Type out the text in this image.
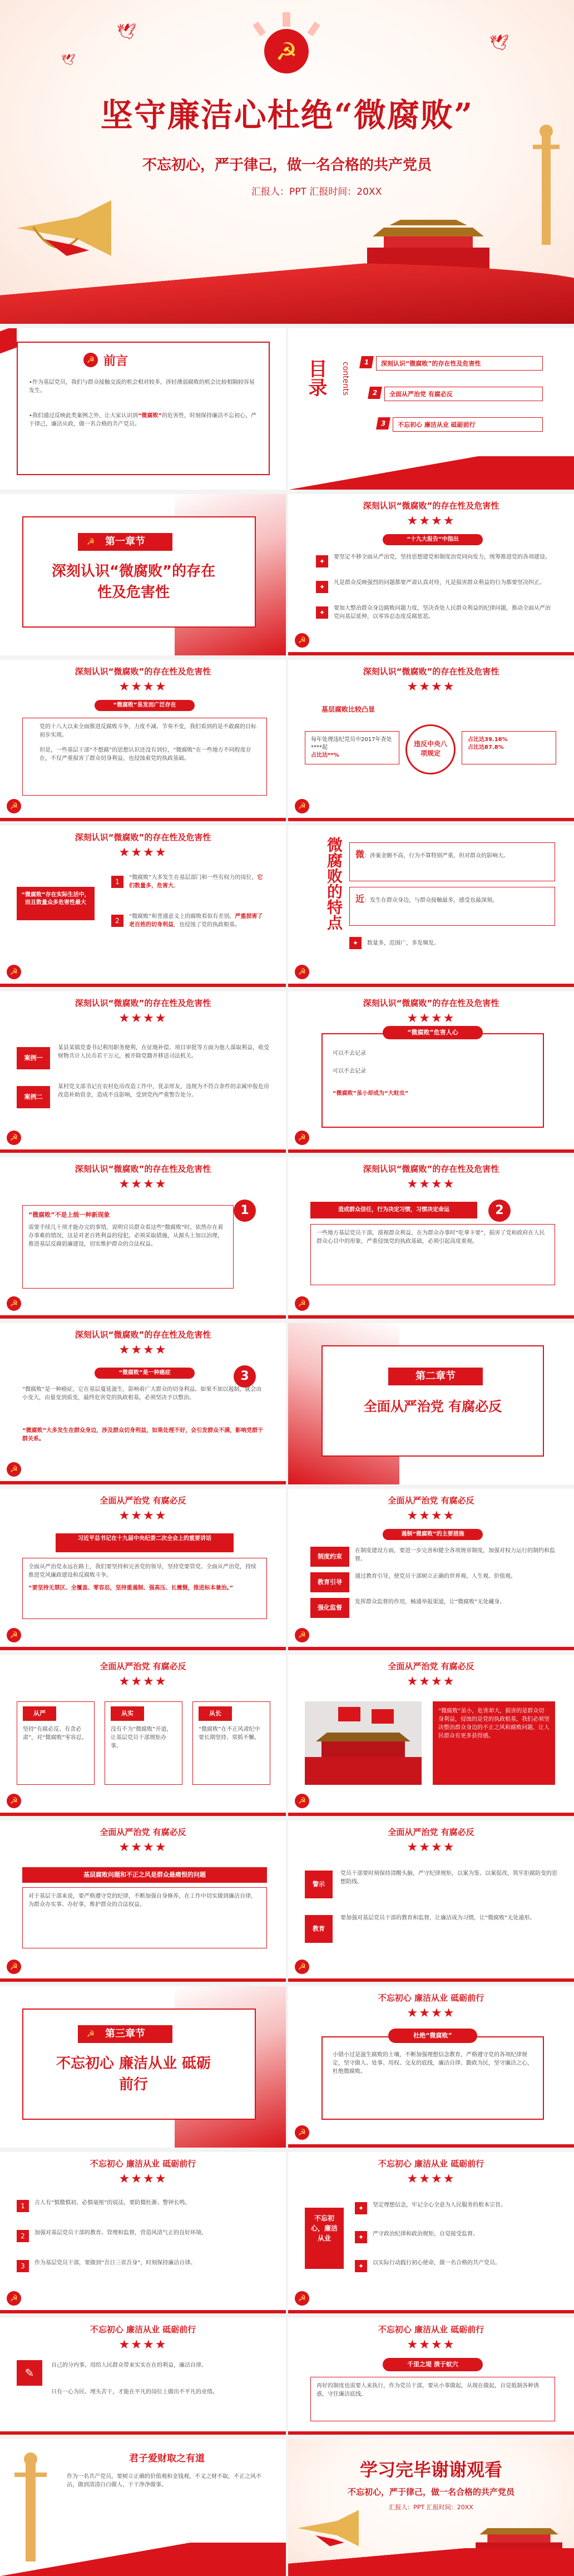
🕊
🕊
🕊	☭
坚守廉洁心杜绝“微腐败”
不忘初心，严于律己，做一名合格的共产党员
汇报人：PPT 汇报时间：20XX
☭
前言
•作为基层党员，我们与群众接触交流的机会相对较多，涉轻薄弱腐败的机会比较相隔较容易发生。
•我们通过反映此类案例之外，让大家认识到“微腐败”的危害性，时刻保持廉洁不忘初心，严于律己，廉洁从政，做一名合格的共产党员。
目录	contents	1	深刻认识“微腐败”的存在性及危害性
2	全面从严治党 有腐必反
3	不忘初心 廉洁从业 砥砺前行
第一章节
☭
深刻认识“微腐败”的存在性及危害性
深刻认识“微腐败”的存在性及危害性
★★★★
☭
“十九大报告”中指出
✦
要坚定不移全面从严治党，坚持思想建党和制度治党同向发力，统筹推进党的各项建设。
✦
凡是群众反映强烈的问题都要严肃认真对待，凡是损害群众利益的行为都要坚决纠正。
✦
要加大整治群众身边腐败问题力度，坚决查处人民群众利益的纪律问题，推动全面从严治党向基层延伸，以零容忍态度反腐惩恶。
深刻认识“微腐败”的存在性及危害性
★★★★
“微腐败”易发而广泛存在
党的十八大以来全面推进反腐败斗争，力度不减、节奏不变，我们看到的是不敢腐的目标初步实现。
但是，一些基层干部“不想腐”的思想认识还没有到位，“微腐败”在一些地方不同程度存在，不仅严重损害了群众切身利益，也侵蚀着党的执政基础。
☭
深刻认识“微腐败”的存在性及危害性
★★★★
基层腐败比较凸显
违反中央八项规定
每年处理违纪党员中2017年查处****起
占比达**%
占比达39.16%
占比达87.8%
☭
深刻认识“微腐败”的存在性及危害性
★★★★
“微腐败”存在实际生活中，而且数量众多危害性最大
1
“微腐败”大多发生在基层部门和一些有权力的岗位，它们数量多，危害大。
2
“微腐败”和普通意义上的腐败看似有差别，严重损害了老百姓的切身利益，也侵蚀了党的执政根基。
☭	微腐败的特点	微：涉案金额不高，行为不算特别严重，但对群众的影响大。
近：发生在群众身边，与群众接触最多，感受也最深刻。
✦	数量多，范围广，多发频发。
☭
深刻认识“微腐败”的存在性及危害性
★★★★
案例一
某县某镇党委书记利用职务便利，在征地补偿、项目审批等方面为他人谋取利益，收受财物共计人民币若干万元，被开除党籍并移送司法机关。
案例二
某村党支部书记在农村危房改造工作中，优亲厚友，违规为不符合条件的亲属申报危房改造补助资金，造成不良影响，受到党内严重警告处分。
☭
深刻认识“微腐败”的存在性及危害性
★★★★
“微腐败”危害人心
可以不去记录
可以不去记录
“微腐败”虽小却成为“大蛀虫”
☭
深刻认识“微腐败”的存在性及危害性
★★★★
1
“微腐败”不是上级一种新现象
需要手续几十项才能办完的事情，说明官员群众看这些“微腐败”时，依然存在着办事难的情况，这是对老百姓利益的侵犯，必须采取措施，从源头上加以治理，推进基层反腐倡廉建设，切实维护群众的合法权益。
☭
深刻认识“微腐败”的存在性及危害性
★★★★
2
造成群众信任，行为决定习惯，习惯决定命运
一些地方基层党员干部，漠视群众利益，在为群众办事时“吃拿卡要”，损害了党和政府在人民群众心目中的形象，严重侵蚀党的执政基础，必须引起高度重视。
☭
深刻认识“微腐败”的存在性及危害性
★★★★
3
“微腐败”是一种癌症
“微腐败”是一种癌症，它在基层蔓延滋生，影响着广大群众的切身利益。如果不加以遏制，就会由小变大，由量变到质变，最终危害党的执政根基，必须坚决予以整治。
“微腐败”大多发生在群众身边，涉及群众切身利益，如果处理不好，会引发群众不满，影响党群干群关系。
☭
第二章节
全面从严治党 有腐必反
全面从严治党 有腐必反
★★★★
习近平总书记在十九届中央纪委二次全会上的重要讲话
全面从严治党永远在路上，我们要坚持和完善党的领导，坚持党要管党、全面从严治党，持续推进党风廉政建设和反腐败斗争。
“要坚持无禁区、全覆盖、零容忍，坚持重遏制、强高压、长震慑，推进标本兼治。”
☭
全面从严治党 有腐必反
★★★★
遏制“微腐败”的主要措施
制度约束
在制度建设方面，要进一步完善和健全各项规章制度，加强对权力运行的制约和监督。
教育引导
通过教育引导，使党员干部树立正确的世界观、人生观、价值观。
强化监督
发挥群众监督的作用，畅通举报渠道，让“微腐败”无处藏身。
☭
全面从严治党 有腐必反
★★★★
从严
坚持“有腐必反、有贪必肃”，对“微腐败”零容忍。
从实
没有不为“微腐败”开道，让基层党员干部规矩办事。
从长
“微腐败”在不正风肃纪中要长期坚持、常抓不懈。
☭
全面从严治党 有腐必反
★★★★
“微腐败”虽小，危害却大，损害的是群众切身利益，侵蚀的是党的执政根基，我们必须坚决整治群众身边的不正之风和腐败问题，让人民群众有更多获得感。
☭
全面从严治党 有腐必反
★★★★
基层腐败问题和不正之风是群众最痛恨的问题
对于基层干部来说，要严格遵守党的纪律，不断加强自身修养，在工作中切实做到廉洁自律，为群众办实事、办好事，维护群众的合法权益。
☭
全面从严治党 有腐必反
★★★★
警示
党员干部要时刻保持清醒头脑，严守纪律规矩，以案为鉴、以案促改，筑牢拒腐防变的思想防线。
教育
要加强对基层党员干部的教育和监督，让廉洁成为习惯，让“微腐败”无处遁形。
☭
第三章节
☭
不忘初心 廉洁从业 砥砺前行
不忘初心 廉洁从业 砥砺前行
★★★★
杜绝“微腐败”
小错小过是滋生腐败的土壤，不断加强理想信念教育，严格遵守党的各项纪律规定，坚守做人、处事、用权、交友的底线，廉洁自律、勤政为民，坚守廉洁之心，杜绝微腐败。
☭
不忘初心 廉洁从业 砥砺前行
★★★★
1	古人有“慎微慎初、必慎毫厘”的说法，要防微杜渐、警钟长鸣。
2	加强对基层党员干部的教育、管理和监督，营造风清气正的良好环境。
3	作为基层党员干部，要做到“吾日三省吾身”，时刻保持廉洁自律。
☭
不忘初心 廉洁从业 砥砺前行
★★★★
不忘初心，廉洁从业
✦	坚定理想信念，牢记全心全意为人民服务的根本宗旨。
✦	严守政治纪律和政治规矩，自觉接受监督。
✦	以实际行动践行初心使命，做一名合格的共产党员。
☭
不忘初心 廉洁从业 砥砺前行
★★★★
✎
自己的分内事，用给人民群众带来实实在在的利益，廉洁自律。
只有一心为民、埋头苦干，才能在平凡的岗位上做出不平凡的业绩。
不忘初心 廉洁从业 砥砺前行
★★★★
千里之堤 溃于蚁穴
再好的制度也需要人来执行，作为党员干部，要从小事做起，从现在做起，自觉抵制各种诱惑，守住廉洁底线。
君子爱财取之有道
作为一名共产党员，要树立正确的价值观和金钱观，不义之财不取，不正之风不沾，做到清清白白做人、干干净净做事。
学习完毕谢谢观看
不忘初心，严于律己，做一名合格的共产党员
汇报人：PPT 汇报时间：20XX
